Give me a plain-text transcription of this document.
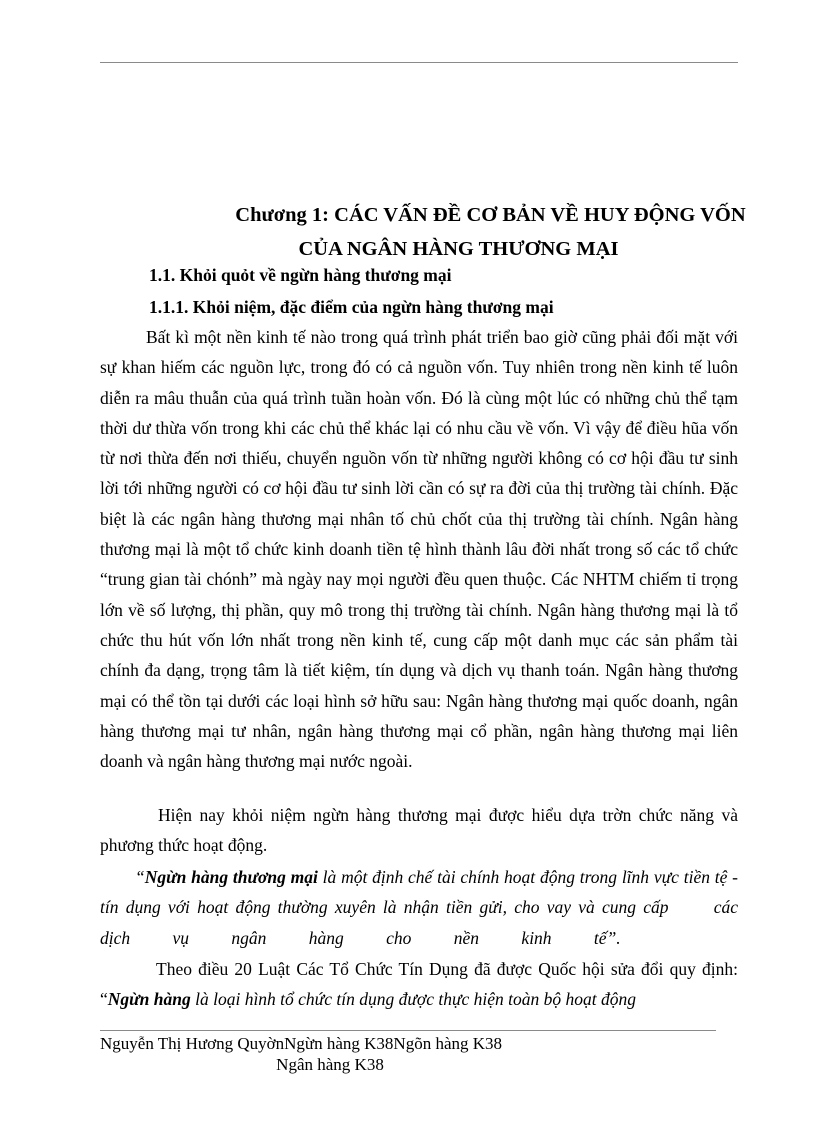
Chương 1: CÁC VẤN ĐỀ CƠ BẢN VỀ HUY ĐỘNG VỐN
CỦA NGÂN HÀNG THƯƠNG MẠI
1.1. Khỏi quỏt về ngừn hàng thương mại
1.1.1. Khỏi niệm, đặc điểm của ngừn hàng thương mại
Bất kì một nền kinh tế nào trong quá trình phát triển bao giờ cũng phải đối mặt với sự khan hiếm các nguồn lực, trong đó có cả nguồn vốn. Tuy nhiên trong nền kinh tế luôn diễn ra mâu thuẫn của quá trình tuần hoàn vốn. Đó là cùng một lúc có những chủ thể tạm thời dư thừa vốn trong khi các chủ thể khác lại có nhu cầu về vốn. Vì vậy để điều hũa vốn từ nơi thừa đến nơi thiếu, chuyển nguồn vốn từ những người không có cơ hội đầu tư sinh lời tới những người có cơ hội đầu tư sinh lời cần có sự ra đời của thị trường tài chính. Đặc biệt là các ngân hàng thương mại nhân tố chủ chốt của thị trường tài chính. Ngân hàng thương mại là một tổ chức kinh doanh tiền tệ hình thành lâu đời nhất trong số các tổ chức “trung gian tài chónh” mà ngày nay mọi người đều quen thuộc. Các NHTM chiếm tỉ trọng lớn về số lượng, thị phần, quy mô trong thị trường tài chính. Ngân hàng thương mại là tổ chức thu hút vốn lớn nhất trong nền kinh tế, cung cấp một danh mục các sản phẩm tài chính đa dạng, trọng tâm là tiết kiệm, tín dụng và dịch vụ thanh toán. Ngân hàng thương mại có thể tồn tại dưới các loại hình sở hữu sau: Ngân hàng thương mại quốc doanh, ngân hàng thương mại tư nhân, ngân hàng thương mại cổ phần, ngân hàng thương mại liên doanh và ngân hàng thương mại nước ngoài.
Hiện nay khỏi niệm ngừn hàng thương mại được hiểu dựa trờn chức năng và phương thức hoạt động.
“Ngừn hàng thương mại là một định chế tài chính hoạt động trong lĩnh vực tiền tệ - tín dụng với hoạt động thường xuyên là nhận tiền gửi, cho vay và cung cấp các dịch vụ ngân hàng cho nền kinh tế”.
Theo điều 20 Luật Các Tổ Chức Tín Dụng đã được Quốc hội sửa đổi quy định: “Ngừn hàng là loại hình tổ chức tín dụng được thực hiện toàn bộ hoạt động
Nguyễn Thị Hương QuyờnNgừn hàng K38Ngõn hàng K38
Ngân hàng K38
